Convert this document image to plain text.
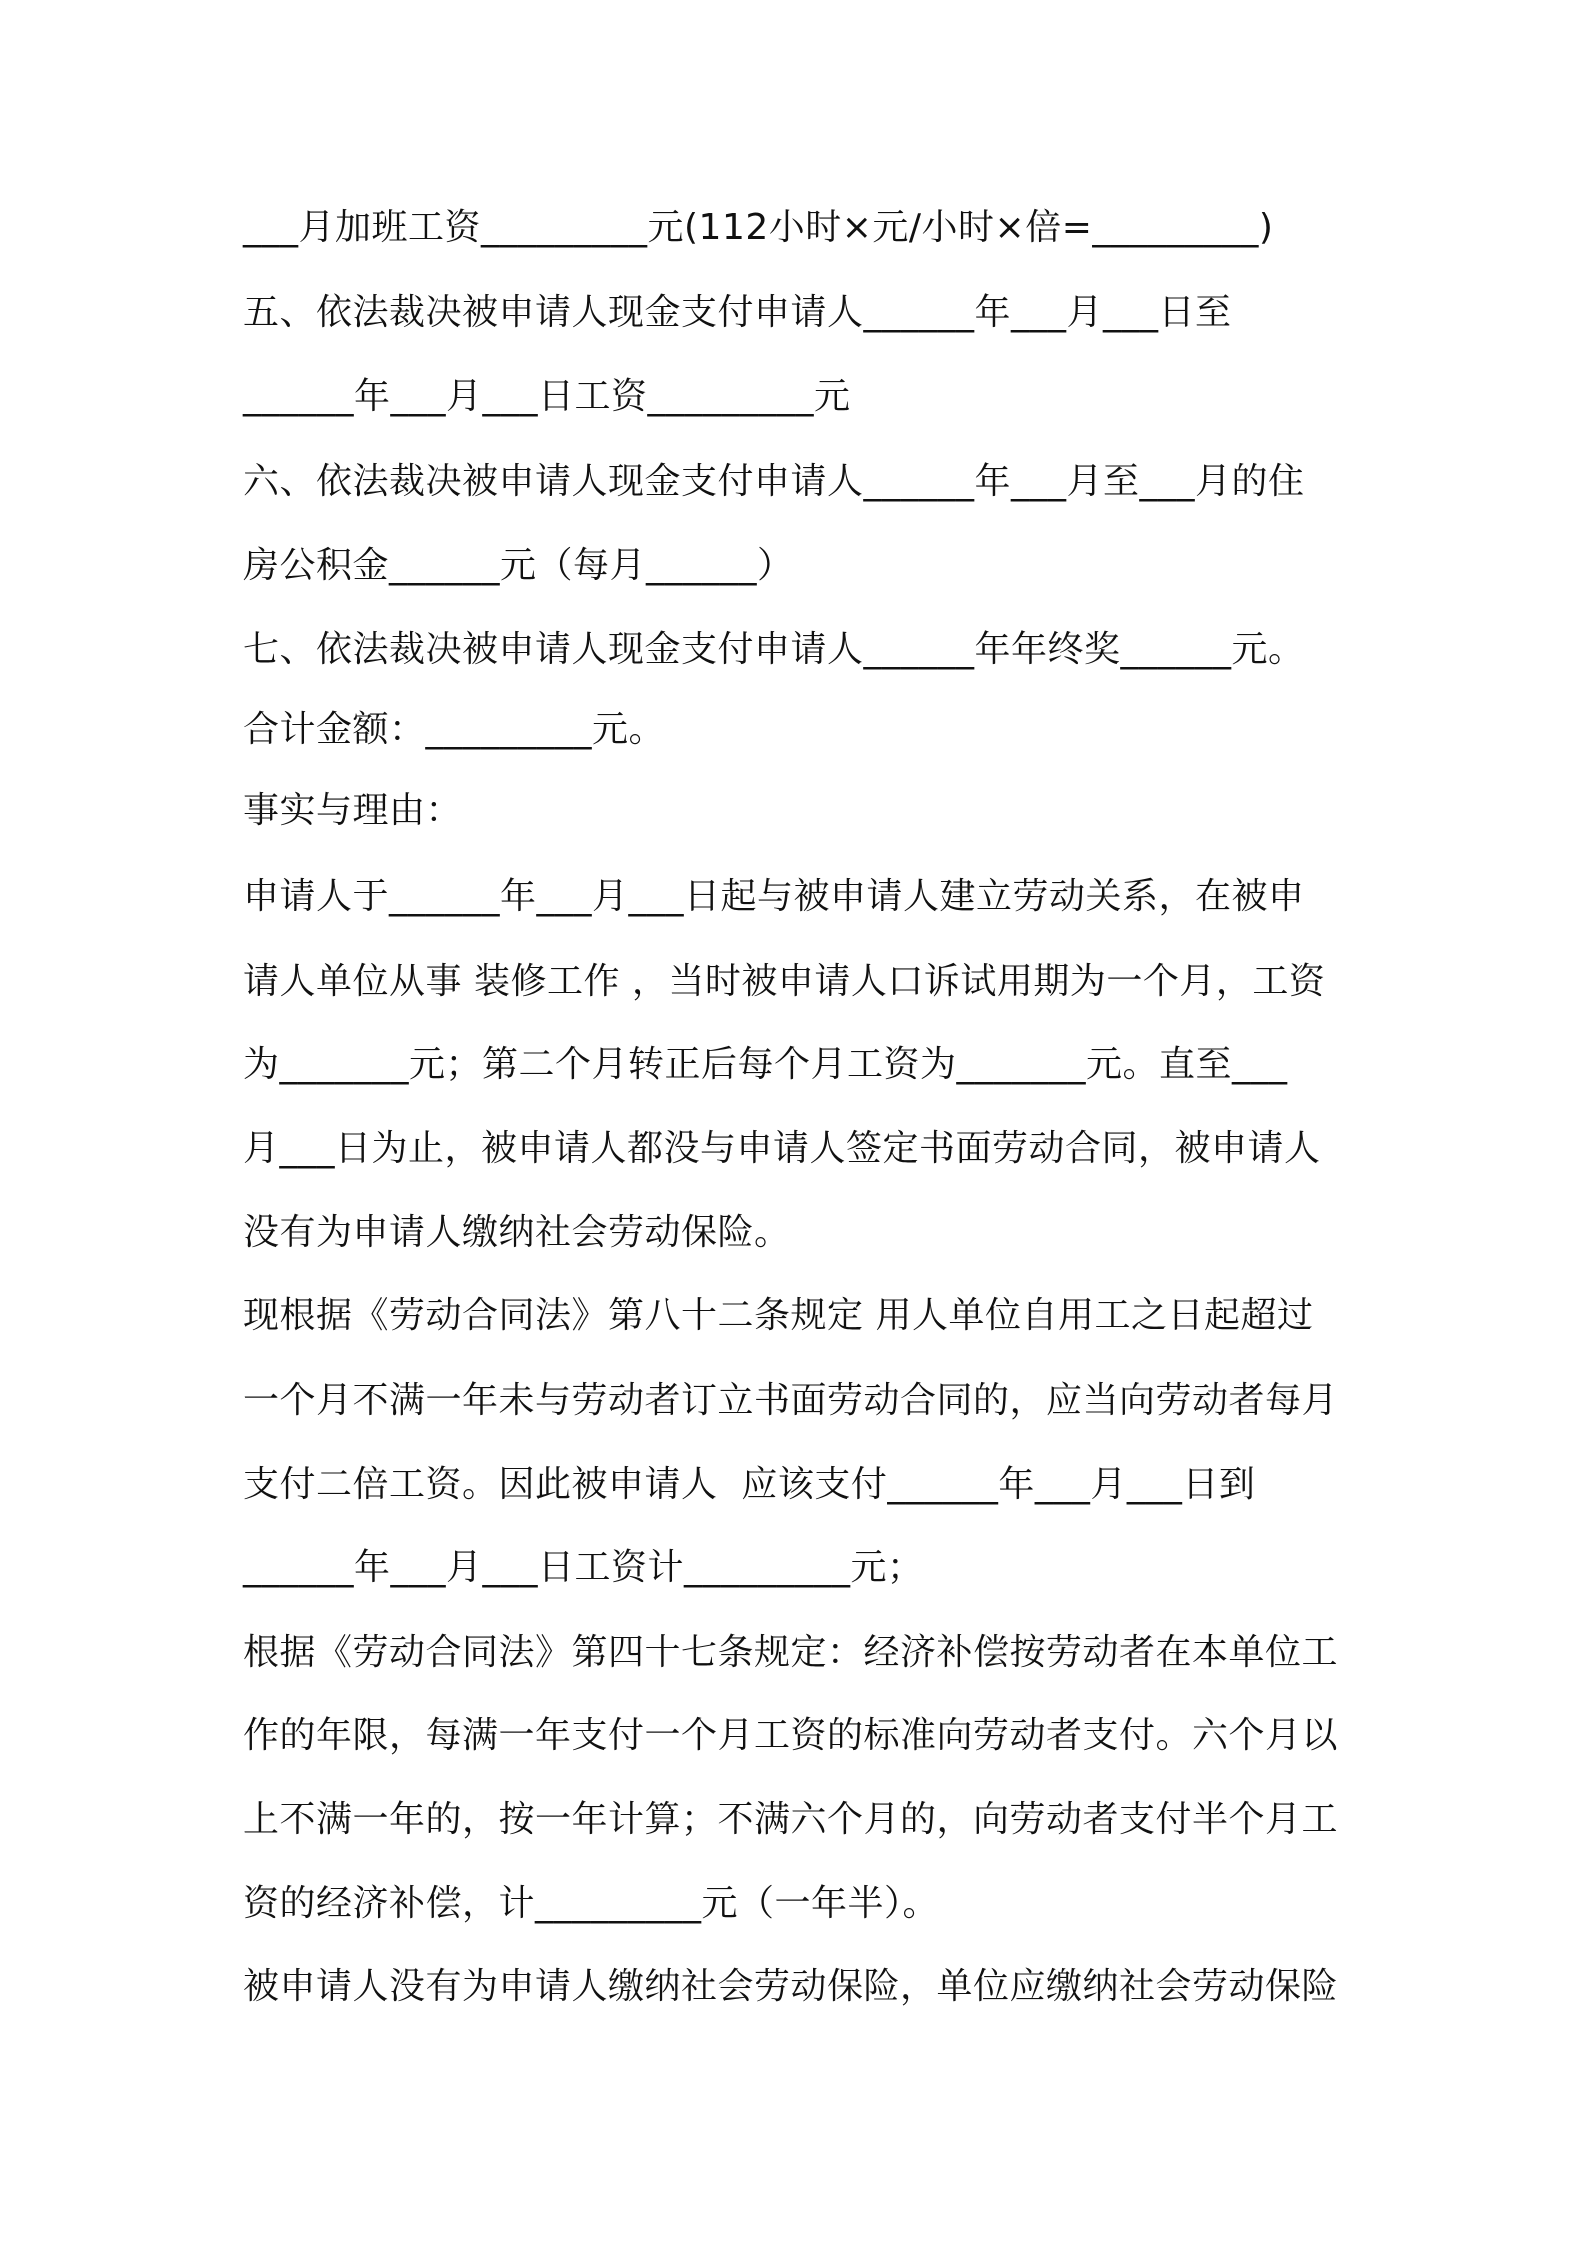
___月加班工资_________元(112小时×元/小时×倍=_________)
五、依法裁决被申请人现金支付申请人______年___月___日至
______年___月___日工资_________元
六、依法裁决被申请人现金支付申请人______年___月至___月的住
房公积金______元（每月______）
七、依法裁决被申请人现金支付申请人______年年终奖______元。
合计金额：_________元。
事实与理由：
申请人于______年___月___日起与被申请人建立劳动关系，在被申
请人单位从事 装修工作 ，当时被申请人口诉试用期为一个月，工资
为_______元；第二个月转正后每个月工资为_______元。直至___
月___日为止，被申请人都没与申请人签定书面劳动合同，被申请人
没有为申请人缴纳社会劳动保险。
现根据《劳动合同法》第八十二条规定 用人单位自用工之日起超过
一个月不满一年未与劳动者订立书面劳动合同的，应当向劳动者每月
支付二倍工资。因此被申请人  应该支付______年___月___日到
______年___月___日工资计_________元；
根据《劳动合同法》第四十七条规定：经济补偿按劳动者在本单位工
作的年限，每满一年支付一个月工资的标准向劳动者支付。六个月以
上不满一年的，按一年计算；不满六个月的，向劳动者支付半个月工
资的经济补偿，计_________元（一年半）。
被申请人没有为申请人缴纳社会劳动保险，单位应缴纳社会劳动保险
